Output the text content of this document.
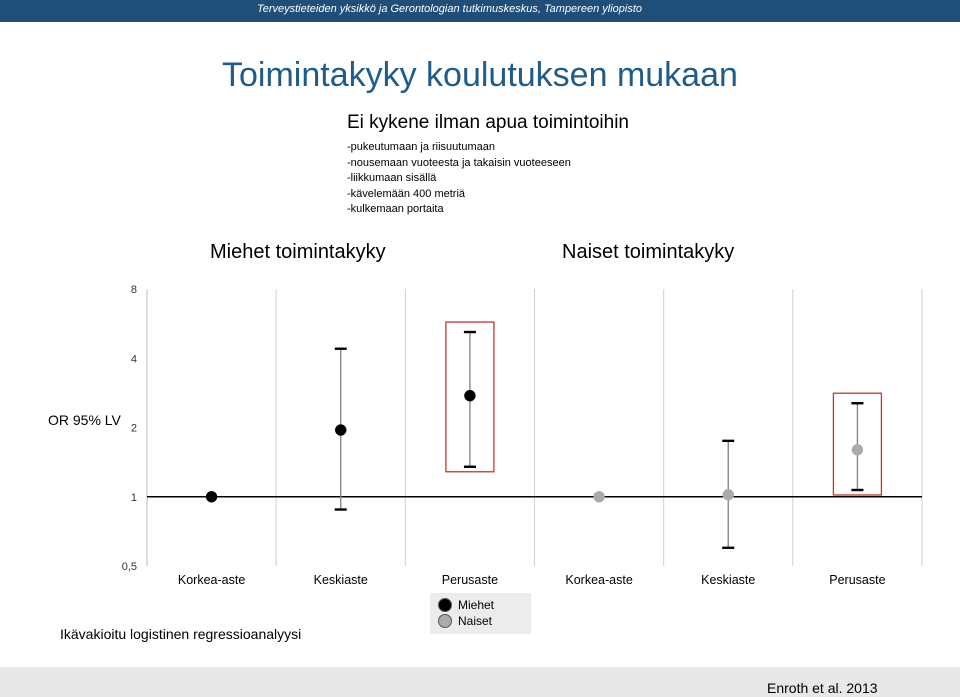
Terveystieteiden yksikkö ja Gerontologian tutkimuskeskus, Tampereen yliopisto
Toimintakyky koulutuksen mukaan
Ei kykene ilman apua toimintoihin
-pukeutumaan ja riisuutumaan
-nousemaan vuoteesta ja takaisin vuoteeseen
-liikkumaan sisällä
-kävelemään 400 metriä
-kulkemaan portaita
Miehet toimintakyky	Naiset toimintakyky
OR 95% LV
8
4
2
1
0,5
Korkea-aste	Keskiaste	Perusaste	Korkea-aste	Keskiaste	Perusaste
Miehet
Naiset
Ikävakioitu logistinen regressioanalyysi
Enroth et al. 2013
